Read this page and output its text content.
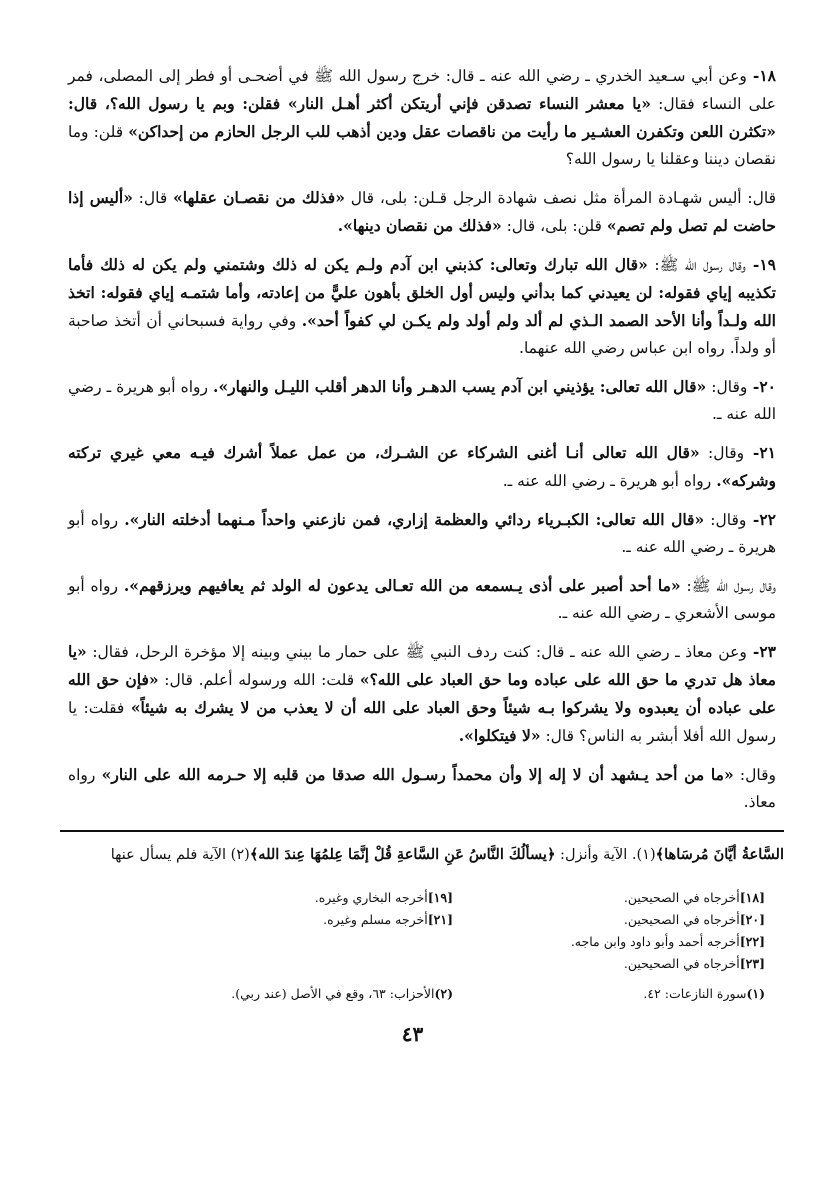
١٨- وعن أبي سـعيد الخدري ـ رضي الله عنه ـ قال: خرج رسول الله ﷺ في أضحـى أو فطر إلى المصلى، فمر على النساء فقال: «يا معشر النساء تصدقن فإني أريتكن أكثر أهـل النار» فقلن: وبم يا رسول الله؟، قال: «تكثرن اللعن وتكفرن العشـير ما رأيت من ناقصات عقل ودين أذهب للب الرجل الحازم من إحداكن» قلن: وما نقصان ديننا وعقلنا يا رسول الله؟

قال: أليس شهـادة المرأة مثل نصف شهادة الرجل قـلن: بلى، قال «فذلك من نقصـان عقلها» قال: «أليس إذا حاضت لم تصل ولم تصم» قلن: بلى، قال: «فذلك من نقصان دينها».

١٩- وقال رسول الله ﷺ: «قال الله تبارك وتعالى: كذبني ابن آدم ولـم يكن له ذلك وشتمني ولم يكن له ذلك فأما تكذيبه إياي فقوله: لن يعيدني كما بدأني وليس أول الخلق بأهون عليًّ من إعادته، وأما شتمـه إياي فقوله: اتخذ الله ولـداً وأنا الأحد الصمد الـذي لم ألد ولم أولد ولم يكـن لي كفواً أحد». وفي رواية فسبحاني أن أتخذ صاحبة أو ولداً. رواه ابن عباس رضي الله عنهما.

٢٠- وقال: «قال الله تعالى: يؤذيني ابن آدم يسب الدهـر وأنا الدهر أقلب الليـل والنهار». رواه أبو هريرة ـ رضي الله عنه ـ.

٢١- وقال: «قال الله تعالى أنـا أغنى الشركاء عن الشـرك، من عمل عملاً أشرك فيـه معي غيري تركته وشركه». رواه أبو هريرة ـ رضي الله عنه ـ.

٢٢- وقال: «قال الله تعالى: الكبـرياء ردائي والعظمة إزاري، فمن نازعني واحداً مـنهما أدخلته النار». رواه أبو هريرة ـ رضي الله عنه ـ.

وقال رسول الله ﷺ: «ما أحد أصبر على أذى يـسمعه من الله تعـالى يدعون له الولد ثم يعافيهم ويرزقهم». رواه أبو موسى الأشعري ـ رضي الله عنه ـ.

٢٣- وعن معاذ ـ رضي الله عنه ـ قال: كنت ردف النبي ﷺ على حمار ما بيني وبينه إلا مؤخرة الرحل، فقال: «يا معاذ هل تدري ما حق الله على عباده وما حق العباد على الله؟» قلت: الله ورسوله أعلم. قال: «فإن حق الله على عباده أن يعبدوه ولا يشركوا بـه شيئاً وحق العباد على الله أن لا يعذب من لا يشرك به شيئاً» فقلت: يا رسول الله أفلا أبشر به الناس؟ قال: «لا فيتكلوا».

وقال: «ما من أحد يـشهد أن لا إله إلا وأن محمداً رسـول الله صدقا من قلبه إلا حـرمه الله على النار» رواه معاذ.

السَّاعةُ أيَّانَ مُرسَاها﴾(١). الآية وأنزل: ﴿يسألُكَ النَّاسُ عَنِ السَّاعةِ قُلْ إنَّمَا عِلمُهَا عِندَ الله﴾(٢) الآية فلم يسأل عنها
[١٨]أخرجاه في الصحيحين.
[١٩]أخرجه البخاري وغيره.
[٢٠]أخرجاه في الصحيحين.
[٢١]أخرجه مسلم وغيره.
[٢٢]أخرجه أحمد وأبو داود وابن ماجه.
[٢٣]أخرجاه في الصحيحين.
(١)سورة النازعات: ٤٢.
(٢)الأحزاب: ٦٣، وقع في الأصل (عند ربي).
٤٣
